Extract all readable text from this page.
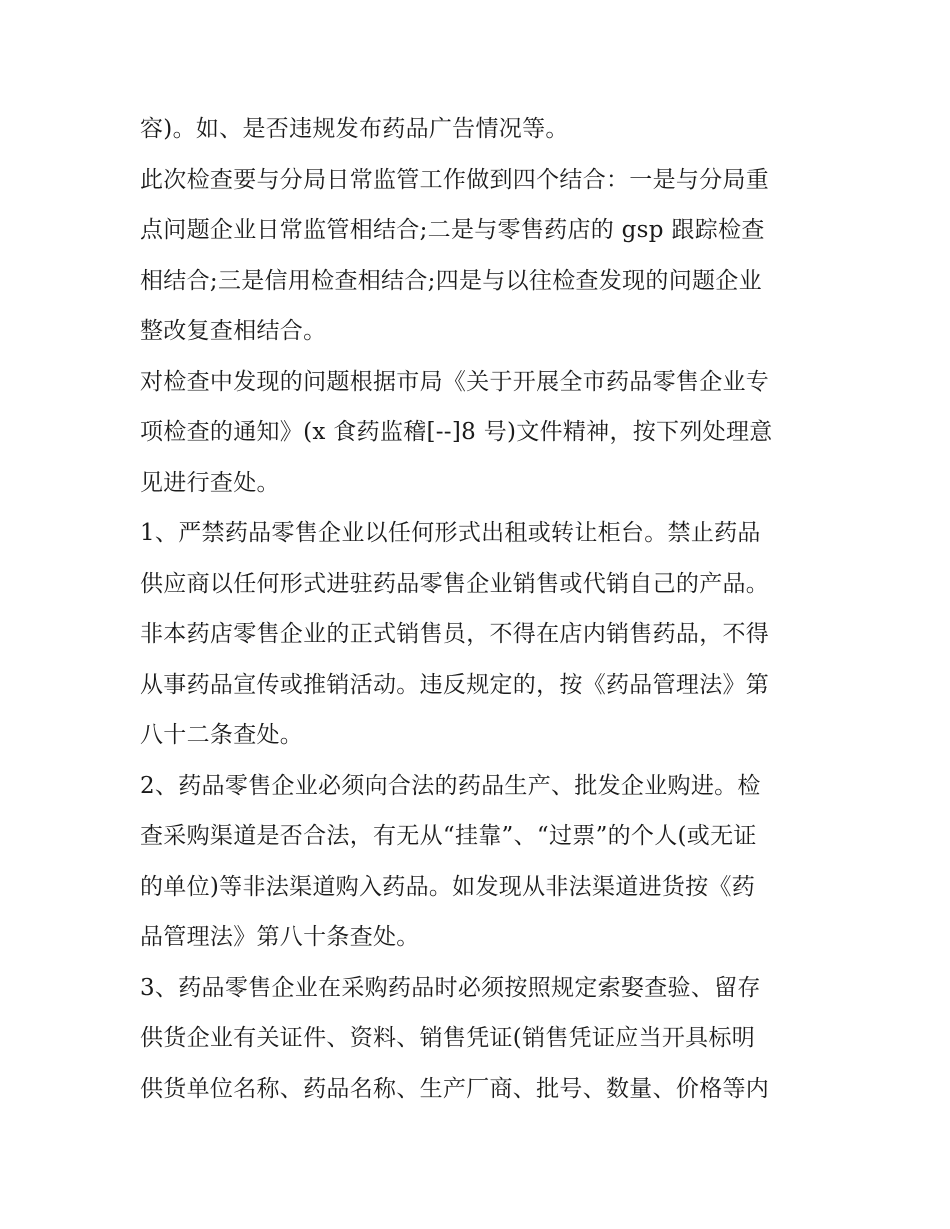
容)。如、是否违规发布药品广告情况等。

此次检查要与分局日常监管工作做到四个结合：一是与分局重
点问题企业日常监管相结合;二是与零售药店的 gsp 跟踪检查
相结合;三是信用检查相结合;四是与以往检查发现的问题企业
整改复查相结合。

对检查中发现的问题根据市局《关于开展全市药品零售企业专
项检查的通知》(x 食药监稽[--]8 号)文件精神，按下列处理意
见进行查处。

1、严禁药品零售企业以任何形式出租或转让柜台。禁止药品
供应商以任何形式进驻药品零售企业销售或代销自己的产品。
非本药店零售企业的正式销售员，不得在店内销售药品，不得
从事药品宣传或推销活动。违反规定的，按《药品管理法》第
八十二条查处。

2、药品零售企业必须向合法的药品生产、批发企业购进。检
查采购渠道是否合法，有无从“挂靠”、“过票”的个人(或无证
的单位)等非法渠道购入药品。如发现从非法渠道进货按《药
品管理法》第八十条查处。

3、药品零售企业在采购药品时必须按照规定索娶查验、留存
供货企业有关证件、资料、销售凭证(销售凭证应当开具标明
供货单位名称、药品名称、生产厂商、批号、数量、价格等内
